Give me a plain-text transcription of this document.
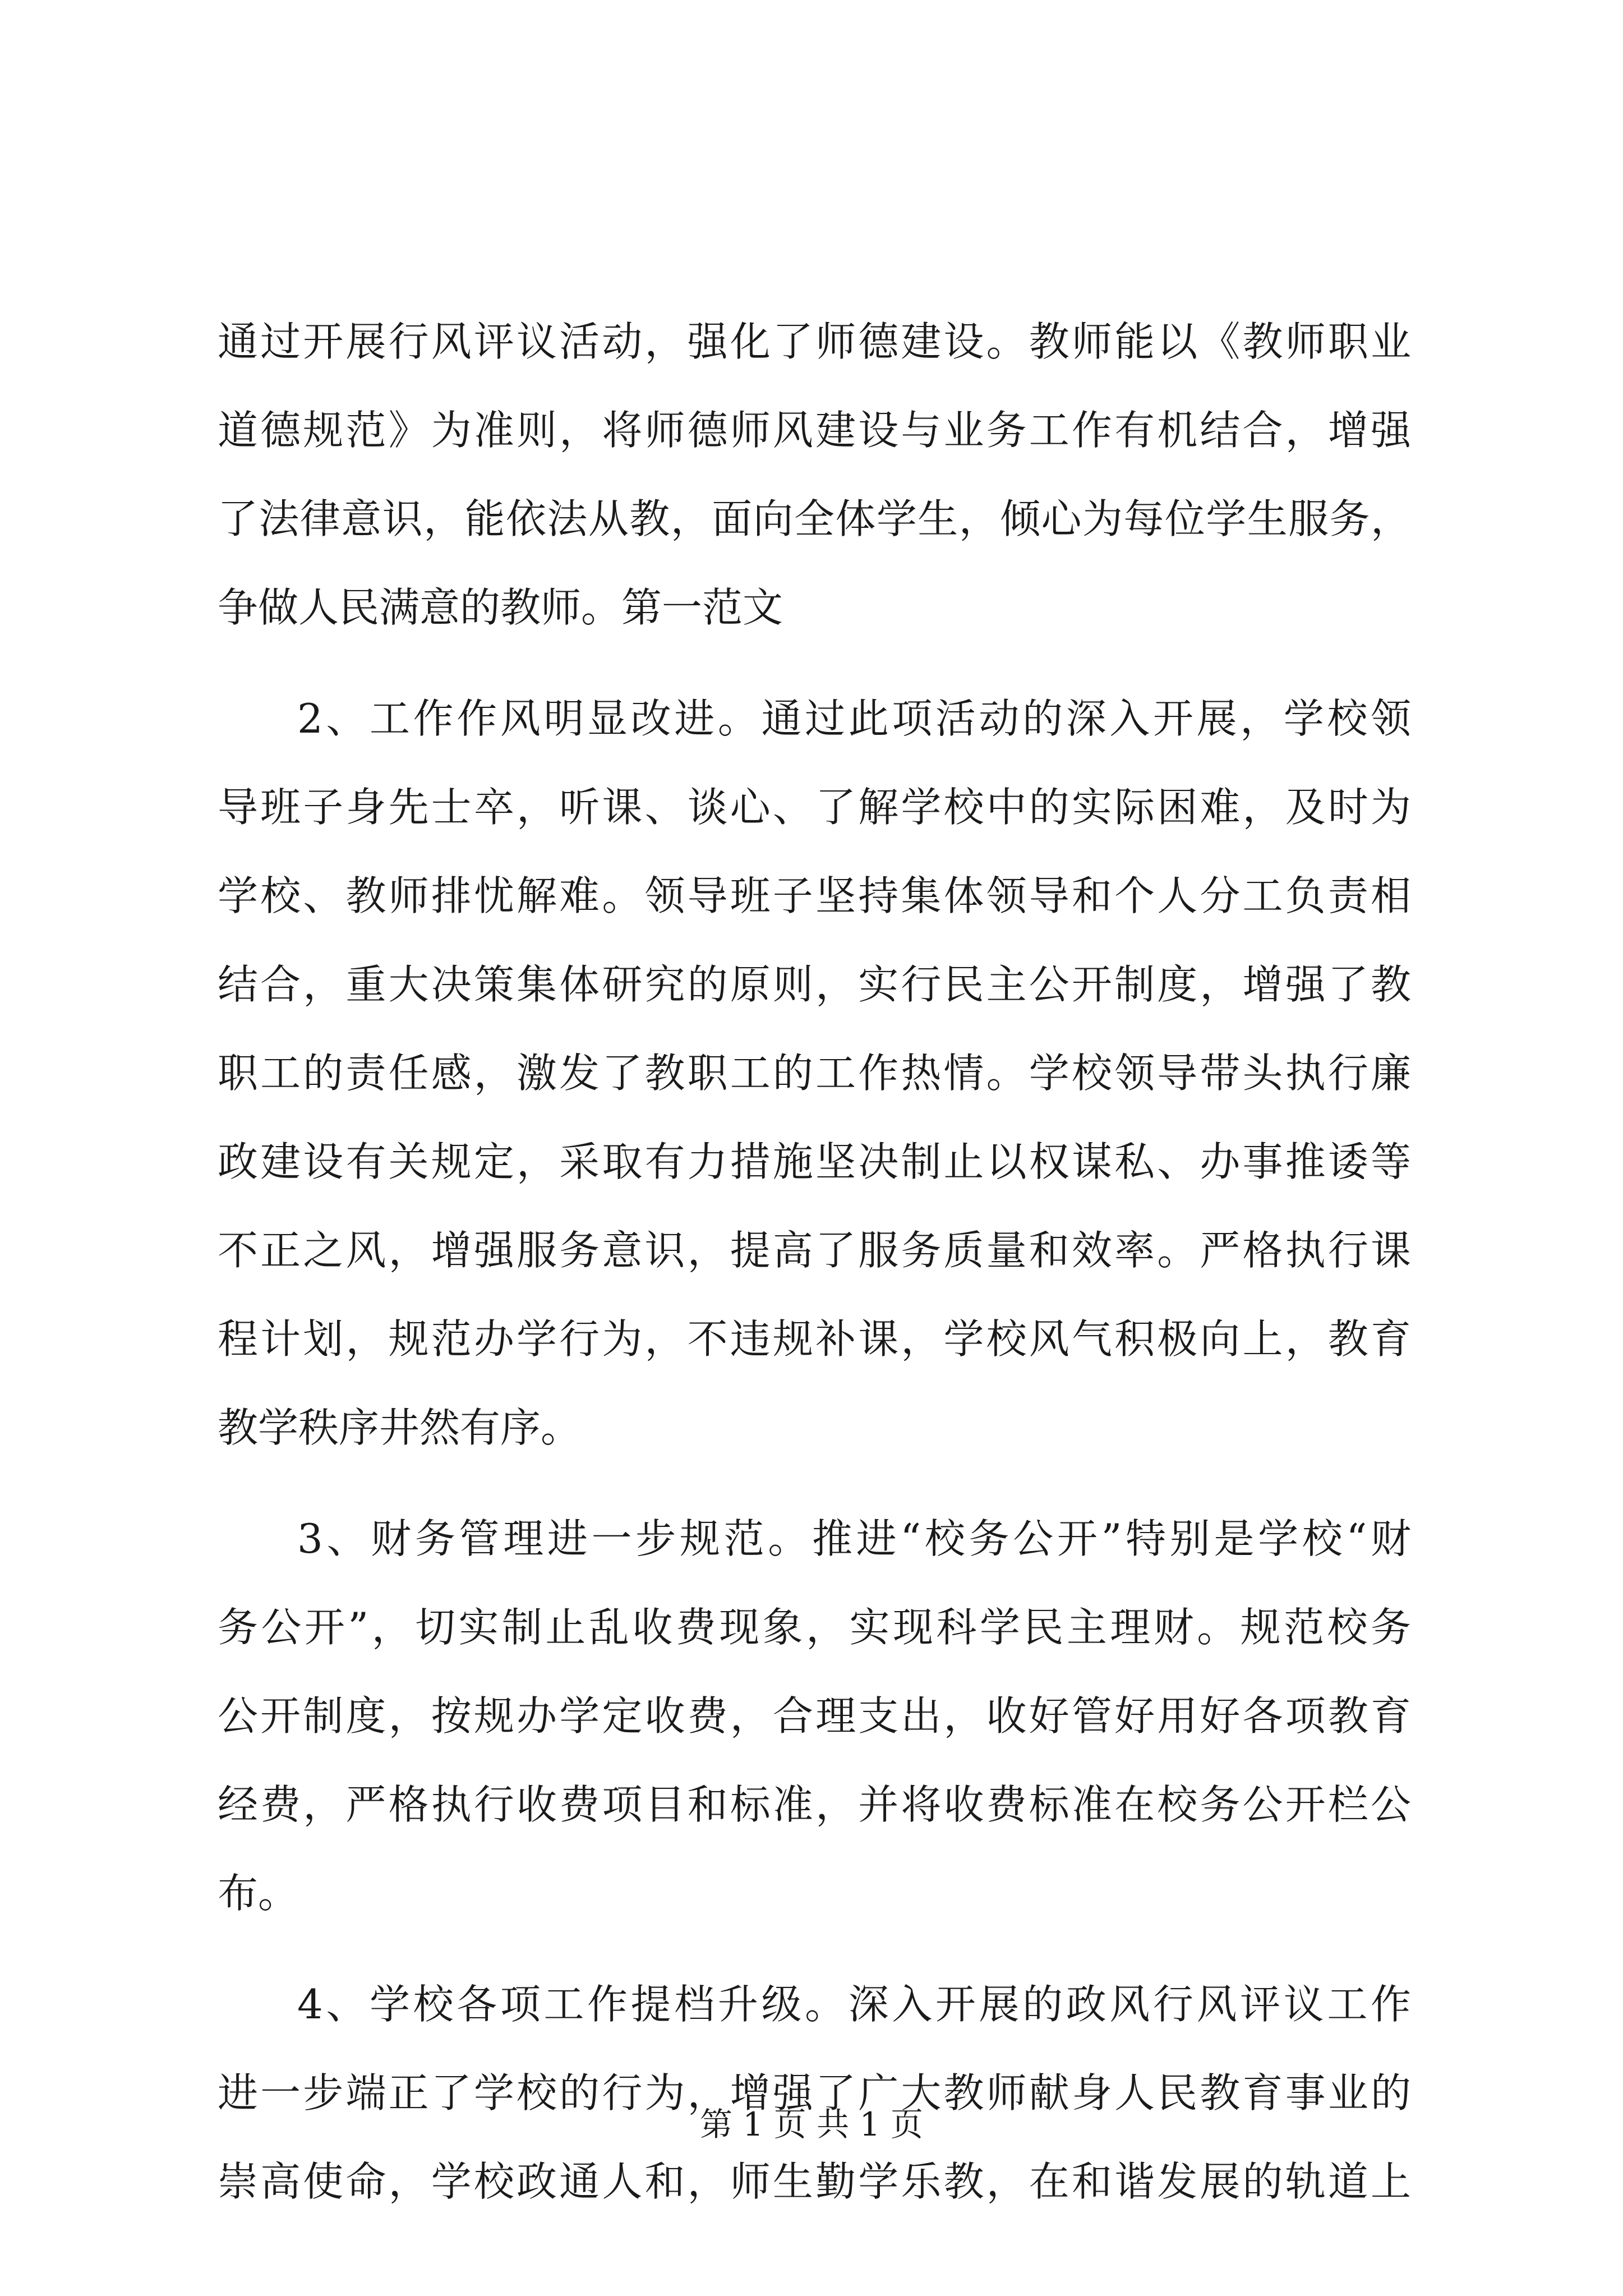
通过开展行风评议活动，强化了师德建设。教师能以《教师职业
道德规范》为准则，将师德师风建设与业务工作有机结合，增强
了法律意识，能依法从教，面向全体学生，倾心为每位学生服务，
争做人民满意的教师。第一范文
2、工作作风明显改进。通过此项活动的深入开展，学校领
导班子身先士卒，听课、谈心、了解学校中的实际困难，及时为
学校、教师排忧解难。领导班子坚持集体领导和个人分工负责相
结合，重大决策集体研究的原则，实行民主公开制度，增强了教
职工的责任感，激发了教职工的工作热情。学校领导带头执行廉
政建设有关规定，采取有力措施坚决制止以权谋私、办事推诿等
不正之风，增强服务意识，提高了服务质量和效率。严格执行课
程计划，规范办学行为，不违规补课，学校风气积极向上，教育
教学秩序井然有序。
3、财务管理进一步规范。推进“校务公开”特别是学校“财
务公开”，切实制止乱收费现象，实现科学民主理财。规范校务
公开制度，按规办学定收费，合理支出，收好管好用好各项教育
经费，严格执行收费项目和标准，并将收费标准在校务公开栏公
布。
4、学校各项工作提档升级。深入开展的政风行风评议工作
进一步端正了学校的行为，增强了广大教师献身人民教育事业的
崇高使命，学校政通人和，师生勤学乐教，在和谐发展的轨道上
第 1 页 共 1 页
